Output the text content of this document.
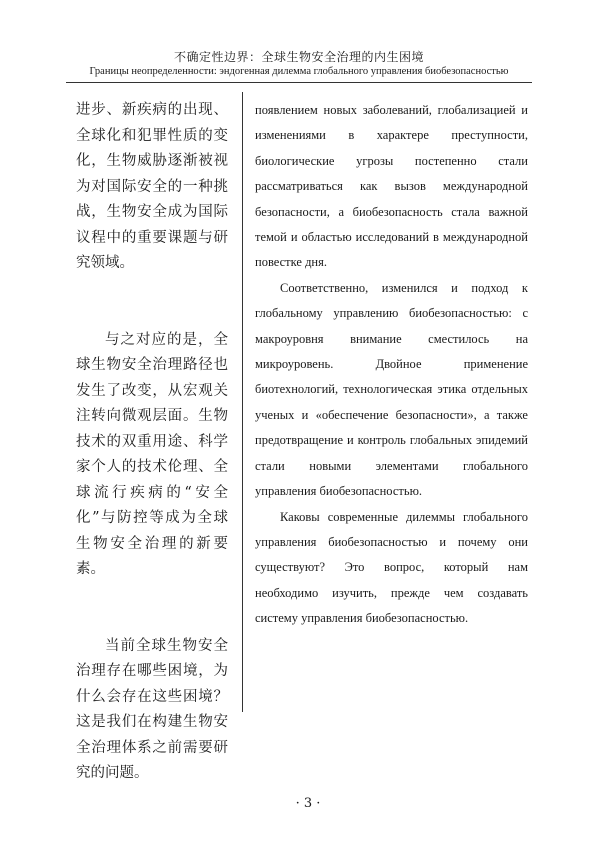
不确定性边界：全球生物安全治理的内生困境
Границы неопределенности: эндогенная дилемма глобального управления биобезопасностью

进步、新疾病的出现、全球化和犯罪性质的变化，生物威胁逐渐被视为对国际安全的一种挑战，生物安全成为国际议程中的重要课题与研究领域。

与之对应的是，全球生物安全治理路径也发生了改变，从宏观关注转向微观层面。生物技术的双重用途、科学家个人的技术伦理、全球流行疾病的“安全化”与防控等成为全球生物安全治理的新要素。

当前全球生物安全治理存在哪些困境，为什么会存在这些困境？这是我们在构建生物安全治理体系之前需要研究的问题。

появлением новых заболеваний, глобализацией и изменениями в характере преступности, биологические угрозы постепенно стали рассматриваться как вызов международной безопасности, а биобезопасность стала важной темой и областью исследований в международной повестке дня.

Соответственно, изменился и подход к глобальному управлению биобезопасностью: с макроуровня внимание сместилось на микроуровень. Двойное применение биотехнологий, технологическая этика отдельных ученых и «обеспечение безопасности», а также предотвращение и контроль глобальных эпидемий стали новыми элементами глобального управления биобезопасностью.

Каковы современные дилеммы глобального управления биобезопасностью и почему они существуют? Это вопрос, который нам необходимо изучить, прежде чем создавать систему управления биобезопасностью.

· 3 ·
